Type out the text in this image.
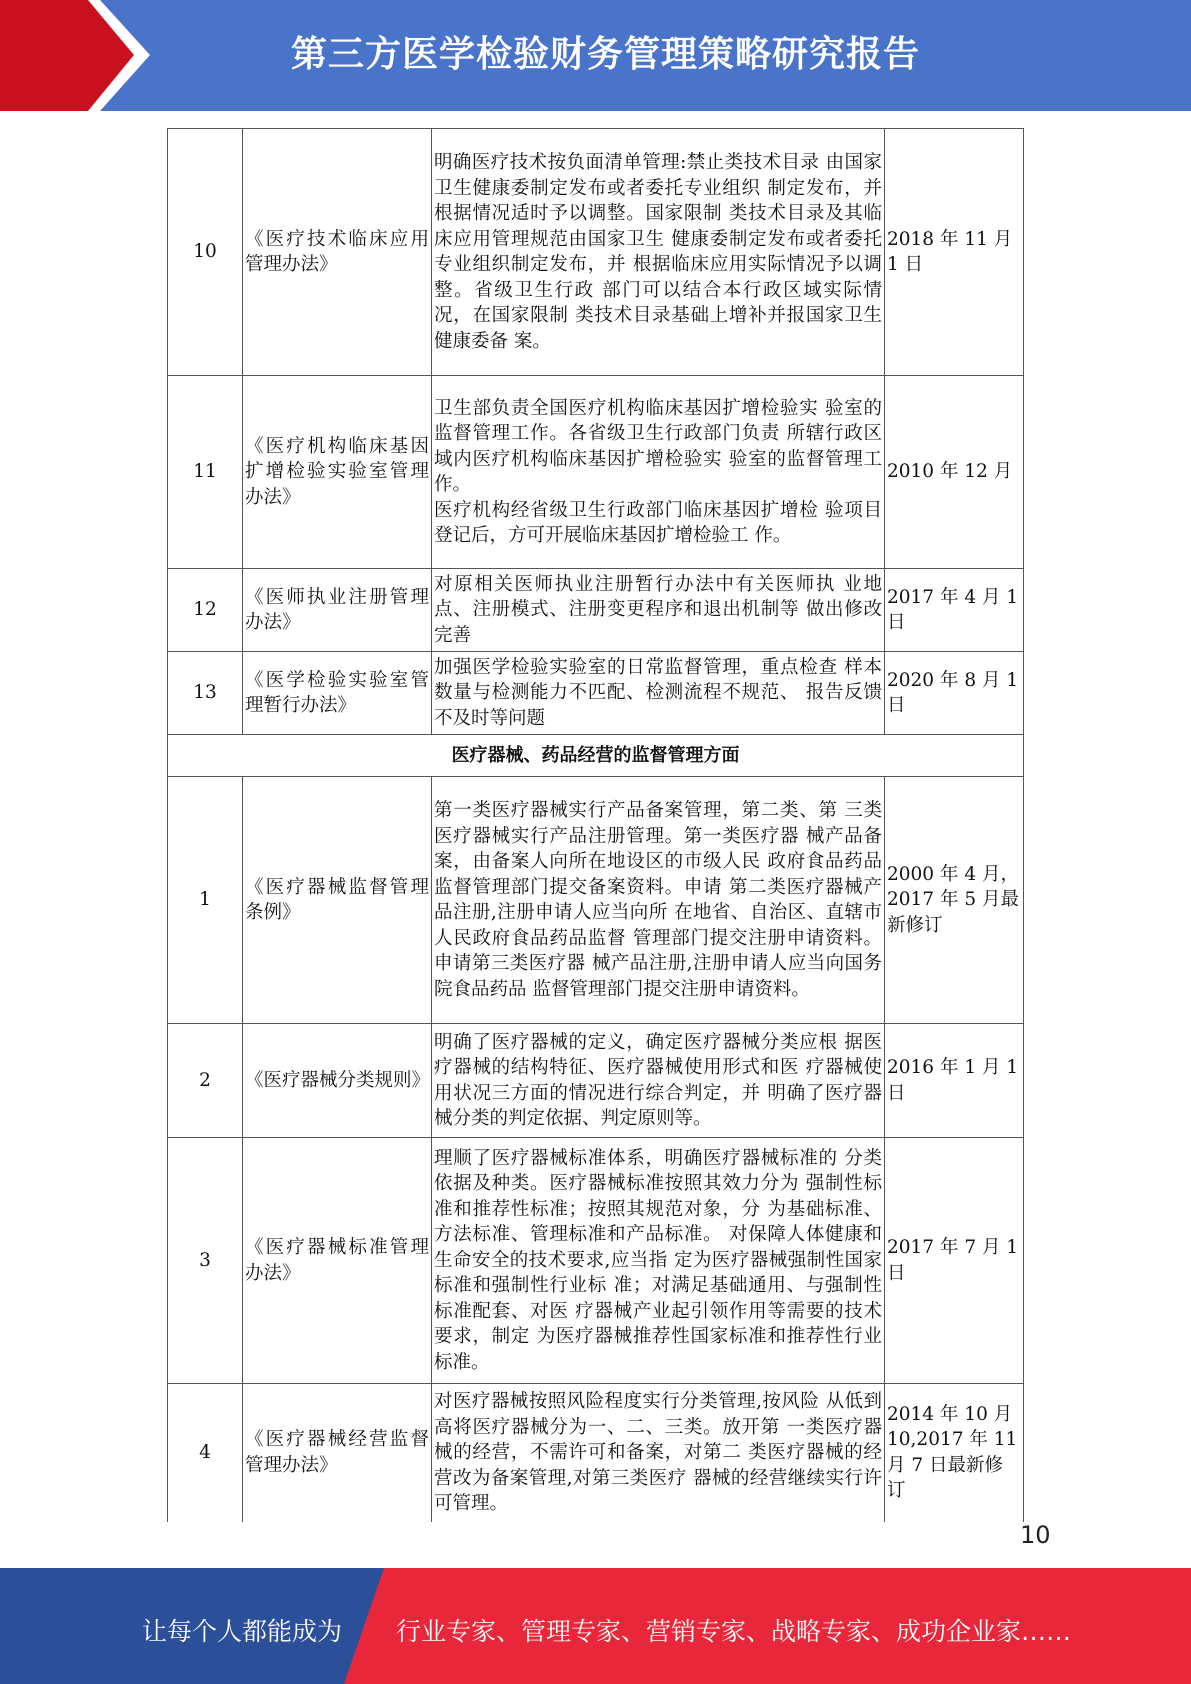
第三方医学检验财务管理策略研究报告
10	《医疗技术临床应用管理办法》	明确医疗技术按负面清单管理:禁止类技术目录 由国家卫生健康委制定发布或者委托专业组织 制定发布，并根据情况适时予以调整。国家限制 类技术目录及其临床应用管理规范由国家卫生 健康委制定发布或者委托专业组织制定发布，并 根据临床应用实际情况予以调整。省级卫生行政 部门可以结合本行政区域实际情况，在国家限制 类技术目录基础上增补并报国家卫生健康委备 案。	2018 年 11 月 1 日
11	《医疗机构临床基因扩增检验实验室管理办法》	卫生部负责全国医疗机构临床基因扩增检验实 验室的监督管理工作。各省级卫生行政部门负责 所辖行政区域内医疗机构临床基因扩增检验实 验室的监督管理工作。
医疗机构经省级卫生行政部门临床基因扩增检 验项目登记后，方可开展临床基因扩增检验工 作。	2010 年 12 月
12	《医师执业注册管理办法》	对原相关医师执业注册暂行办法中有关医师执 业地点、注册模式、注册变更程序和退出机制等 做出修改完善	2017 年 4 月 1 日
13	《医学检验实验室管理暂行办法》	加强医学检验实验室的日常监督管理，重点检查 样本数量与检测能力不匹配、检测流程不规范、 报告反馈不及时等问题	2020 年 8 月 1 日
医疗器械、药品经营的监督管理方面			
1	《医疗器械监督管理条例》	第一类医疗器械实行产品备案管理，第二类、第 三类医疗器械实行产品注册管理。第一类医疗器 械产品备案，由备案人向所在地设区的市级人民 政府食品药品监督管理部门提交备案资料。申请 第二类医疗器械产品注册,注册申请人应当向所 在地省、自治区、直辖市人民政府食品药品监督 管理部门提交注册申请资料。申请第三类医疗器 械产品注册,注册申请人应当向国务院食品药品 监督管理部门提交注册申请资料。	2000 年 4 月，2017 年 5 月最新修订
2	《医疗器械分类规则》	明确了医疗器械的定义，确定医疗器械分类应根 据医疗器械的结构特征、医疗器械使用形式和医 疗器械使用状况三方面的情况进行综合判定，并 明确了医疗器械分类的判定依据、判定原则等。	2016 年 1 月 1 日
3	《医疗器械标准管理办法》	理顺了医疗器械标准体系，明确医疗器械标准的 分类依据及种类。医疗器械标准按照其效力分为 强制性标准和推荐性标准；按照其规范对象，分 为基础标准、方法标准、管理标准和产品标准。 对保障人体健康和生命安全的技术要求,应当指 定为医疗器械强制性国家标准和强制性行业标 准；对满足基础通用、与强制性标准配套、对医 疗器械产业起引领作用等需要的技术要求，制定 为医疗器械推荐性国家标准和推荐性行业标准。	2017 年 7 月 1 日
4	《医疗器械经营监督管理办法》	对医疗器械按照风险程度实行分类管理,按风险 从低到高将医疗器械分为一、二、三类。放开第 一类医疗器械的经营，不需许可和备案，对第二 类医疗器械的经营改为备案管理,对第三类医疗 器械的经营继续实行许可管理。	2014 年 10 月 10,2017 年 11 月 7 日最新修订
10
让每个人都能成为 行业专家、管理专家、营销专家、战略专家、成功企业家……
